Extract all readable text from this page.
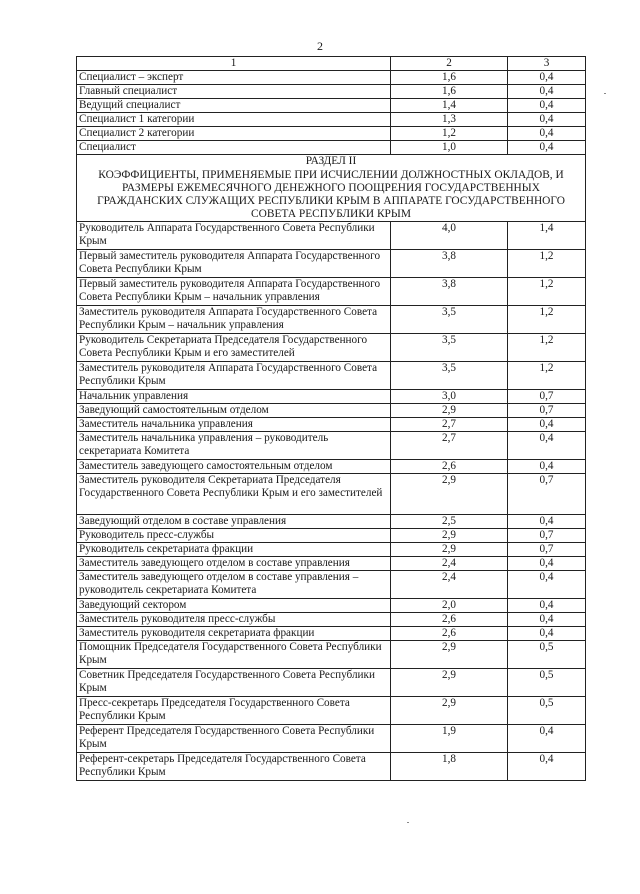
2
1	2	3
Специалист – эксперт	1,6	0,4
Главный специалист	1,6	0,4
Ведущий специалист	1,4	0,4
Специалист 1 категории	1,3	0,4
Специалист 2 категории	1,2	0,4
Специалист	1,0	0,4

РАЗДЕЛ II
КОЭФФИЦИЕНТЫ, ПРИМЕНЯЕМЫЕ ПРИ ИСЧИСЛЕНИИ ДОЛЖНОСТНЫХ ОКЛАДОВ, И РАЗМЕРЫ ЕЖЕМЕСЯЧНОГО ДЕНЕЖНОГО ПООЩРЕНИЯ ГОСУДАРСТВЕННЫХ ГРАЖДАНСКИХ СЛУЖАЩИХ РЕСПУБЛИКИ КРЫМ В АППАРАТЕ ГОСУДАРСТВЕННОГО СОВЕТА РЕСПУБЛИКИ КРЫМ		

Руководитель Аппарата Государственного Совета Республики Крым	4,0	1,4
Первый заместитель руководителя Аппарата Государственного Совета Республики Крым	3,8	1,2
Первый заместитель руководителя Аппарата Государственного Совета Республики Крым – начальник управления	3,8	1,2
Заместитель руководителя Аппарата Государственного Совета Республики Крым – начальник управления	3,5	1,2
Руководитель Секретариата Председателя Государственного Совета Республики Крым и его заместителей	3,5	1,2
Заместитель руководителя Аппарата Государственного Совета Республики Крым	3,5	1,2
Начальник управления	3,0	0,7
Заведующий самостоятельным отделом	2,9	0,7
Заместитель начальника управления	2,7	0,4
Заместитель начальника управления – руководитель секретариата Комитета	2,7	0,4
Заместитель заведующего самостоятельным отделом	2,6	0,4
Заместитель руководителя Секретариата Председателя Государственного Совета Республики Крым и его заместителей	2,9	0,7
Заведующий отделом в составе управления	2,5	0,4
Руководитель пресс-службы	2,9	0,7
Руководитель секретариата фракции	2,9	0,7
Заместитель заведующего отделом в составе управления	2,4	0,4
Заместитель заведующего отделом в составе управления – руководитель секретариата Комитета	2,4	0,4
Заведующий сектором	2,0	0,4
Заместитель руководителя пресс-службы	2,6	0,4
Заместитель руководителя секретариата фракции	2,6	0,4
Помощник Председателя Государственного Совета Республики Крым	2,9	0,5
Советник Председателя Государственного Совета Республики Крым	2,9	0,5
Пресс-секретарь Председателя Государственного Совета Республики Крым	2,9	0,5
Референт Председателя Государственного Совета Республики Крым	1,9	0,4
Референт-секретарь Председателя Государственного Совета Республики Крым	1,8	0,4
